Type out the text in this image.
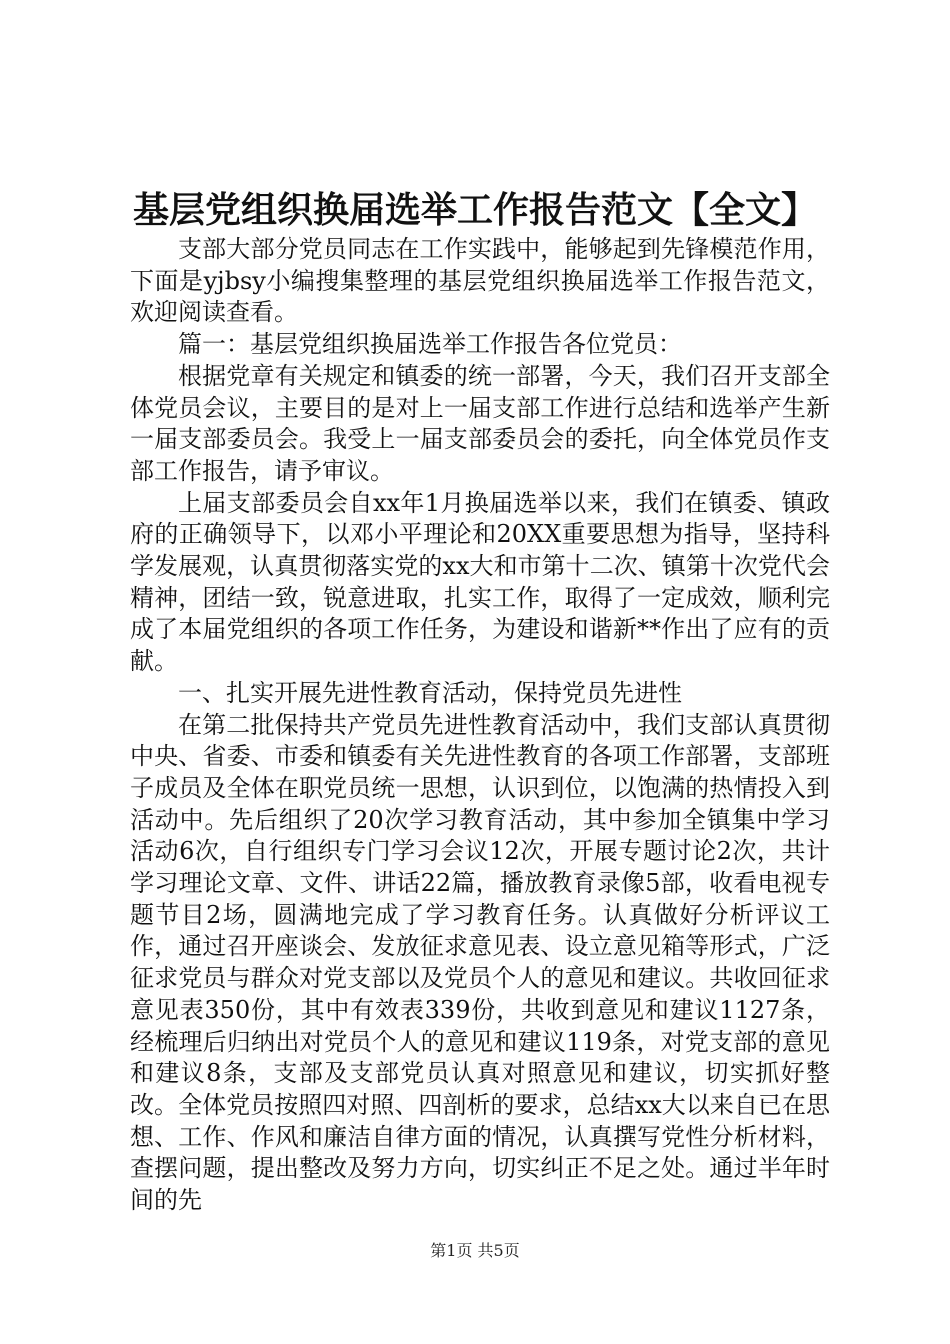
基层党组织换届选举工作报告范文【全文】

支部大部分党员同志在工作实践中，能够起到先锋模范作用，下面是yjbsy小编搜集整理的基层党组织换届选举工作报告范文，欢迎阅读查看。

篇一：基层党组织换届选举工作报告各位党员：

根据党章有关规定和镇委的统一部署，今天，我们召开支部全体党员会议，主要目的是对上一届支部工作进行总结和选举产生新一届支部委员会。我受上一届支部委员会的委托，向全体党员作支部工作报告，请予审议。

上届支部委员会自xx年1月换届选举以来，我们在镇委、镇政府的正确领导下，以邓小平理论和20XX重要思想为指导，坚持科学发展观，认真贯彻落实党的xx大和市第十二次、镇第十次党代会精神，团结一致，锐意进取，扎实工作，取得了一定成效，顺利完成了本届党组织的各项工作任务，为建设和谐新**作出了应有的贡献。

一、扎实开展先进性教育活动，保持党员先进性

在第二批保持共产党员先进性教育活动中，我们支部认真贯彻中央、省委、市委和镇委有关先进性教育的各项工作部署，支部班子成员及全体在职党员统一思想，认识到位，以饱满的热情投入到活动中。先后组织了20次学习教育活动，其中参加全镇集中学习活动6次，自行组织专门学习会议12次，开展专题讨论2次，共计学习理论文章、文件、讲话22篇，播放教育录像5部，收看电视专题节目2场，圆满地完成了学习教育任务。认真做好分析评议工作，通过召开座谈会、发放征求意见表、设立意见箱等形式，广泛征求党员与群众对党支部以及党员个人的意见和建议。共收回征求意见表350份，其中有效表339份，共收到意见和建议1127条，经梳理后归纳出对党员个人的意见和建议119条，对党支部的意见和建议8条，支部及支部党员认真对照意见和建议，切实抓好整改。全体党员按照四对照、四剖析的要求，总结xx大以来自已在思想、工作、作风和廉洁自律方面的情况，认真撰写党性分析材料，查摆问题，提出整改及努力方向，切实纠正不足之处。通过半年时间的先

第1页 共5页
